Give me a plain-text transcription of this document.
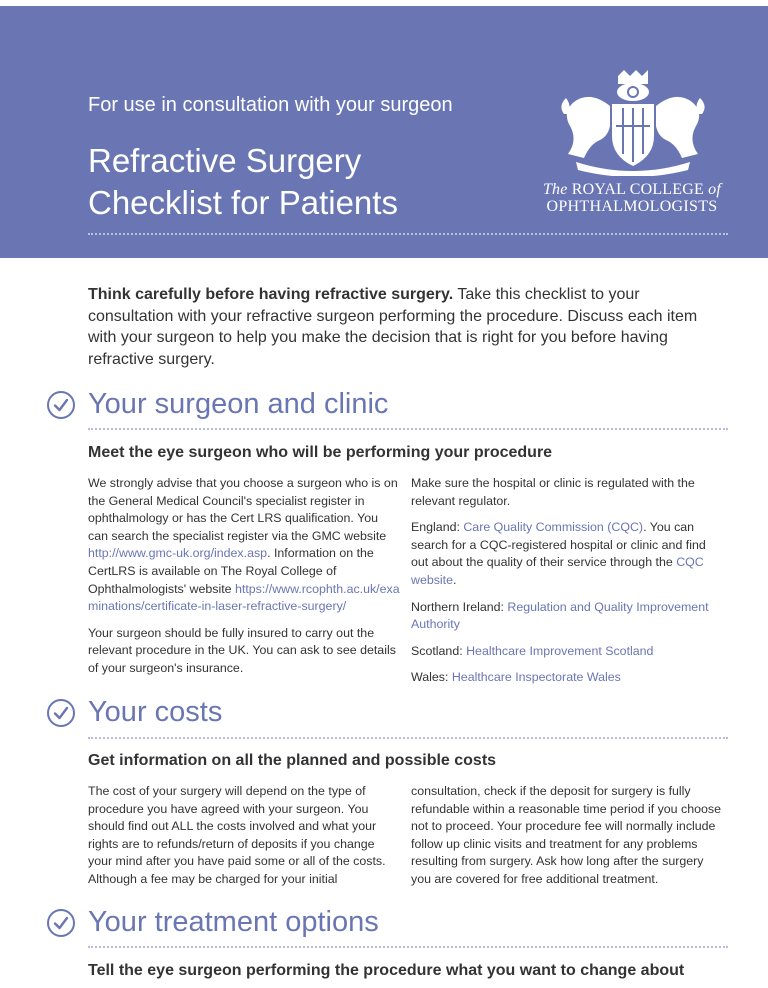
For use in consultation with your surgeon
Refractive Surgery Checklist for Patients	The ROYAL COLLEGE of
OPHTHALMOLOGISTS

Think carefully before having refractive surgery. Take this checklist to your consultation with your refractive surgeon performing the procedure. Discuss each item with your surgeon to help you make the decision that is right for you before having refractive surgery.

Your surgeon and clinic
Meet the eye surgeon who will be performing your procedure

We strongly advise that you choose a surgeon who is on the General Medical Council's specialist register in ophthalmology or has the Cert LRS qualification. You can search the specialist register via the GMC website http://www.gmc-uk.org/index.asp. Information on the CertLRS is available on The Royal College of Ophthalmologists' website https://www.rcophth.ac.uk/examinations/certificate-in-laser-refractive-surgery/

Your surgeon should be fully insured to carry out the relevant procedure in the UK. You can ask to see details of your surgeon's insurance.

Make sure the hospital or clinic is regulated with the relevant regulator.

England: Care Quality Commission (CQC). You can search for a CQC-registered hospital or clinic and find out about the quality of their service through the CQC website.

Northern Ireland: Regulation and Quality Improvement Authority

Scotland: Healthcare Improvement Scotland

Wales: Healthcare Inspectorate Wales

Your costs
Get information on all the planned and possible costs

The cost of your surgery will depend on the type of procedure you have agreed with your surgeon. You should find out ALL the costs involved and what your rights are to refunds/return of deposits if you change your mind after you have paid some or all of the costs. Although a fee may be charged for your initial

consultation, check if the deposit for surgery is fully refundable within a reasonable time period if you choose not to proceed. Your procedure fee will normally include follow up clinic visits and treatment for any problems resulting from surgery. Ask how long after the surgery you are covered for free additional treatment.

Your treatment options
Tell the eye surgeon performing the procedure what you want to change about
